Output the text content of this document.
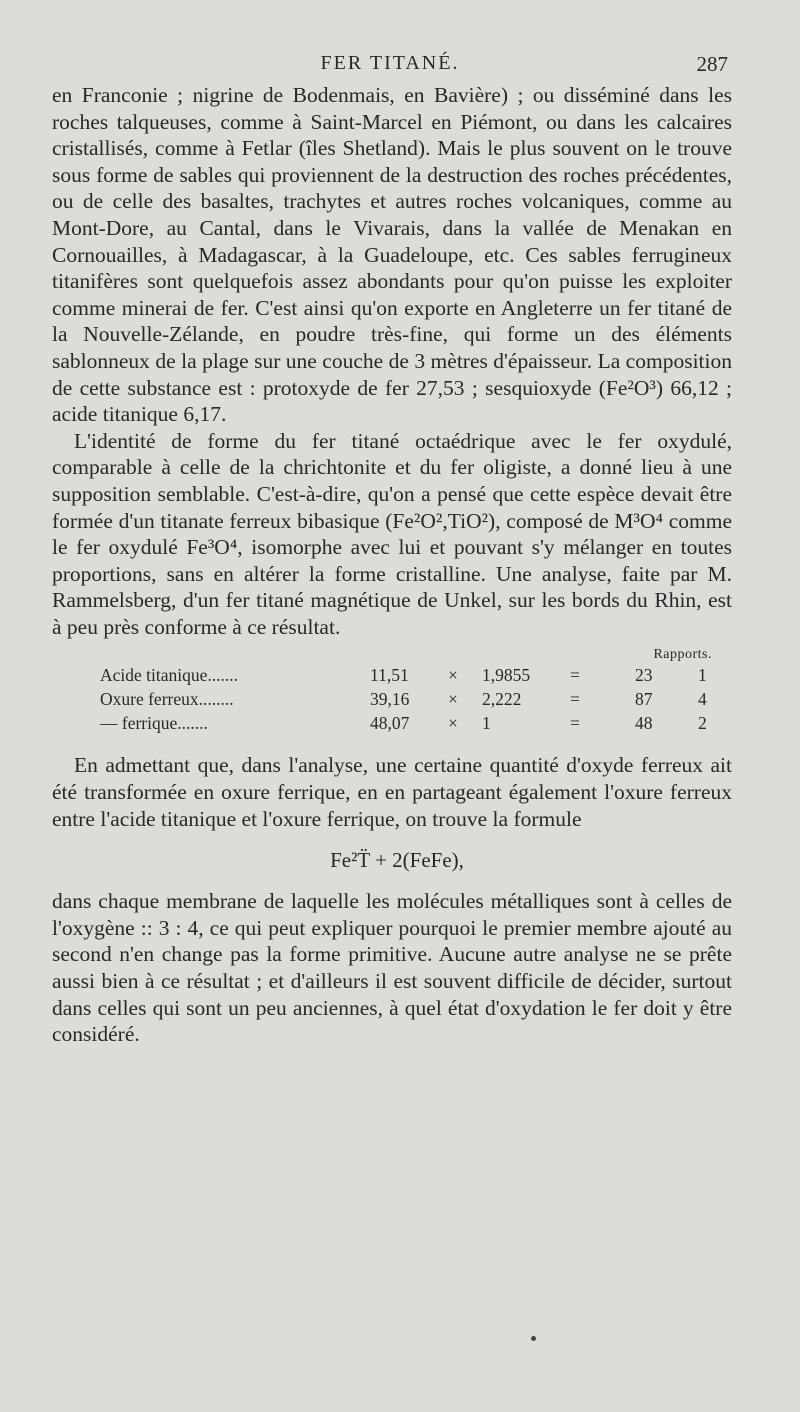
FER TITANÉ.	287

en Franconie ; nigrine de Bodenmais, en Bavière) ; ou disséminé dans les roches talqueuses, comme à Saint-Marcel en Piémont, ou dans les calcaires cristallisés, comme à Fetlar (îles Shetland). Mais le plus souvent on le trouve sous forme de sables qui proviennent de la destruction des roches précédentes, ou de celle des basaltes, trachytes et autres roches volcaniques, comme au Mont-Dore, au Cantal, dans le Vivarais, dans la vallée de Menakan en Cornouailles, à Madagascar, à la Guadeloupe, etc. Ces sables ferrugineux titanifères sont quelquefois assez abondants pour qu'on puisse les exploiter comme minerai de fer. C'est ainsi qu'on exporte en Angleterre un fer titané de la Nouvelle-Zélande, en poudre très-fine, qui forme un des éléments sablonneux de la plage sur une couche de 3 mètres d'épaisseur. La composition de cette substance est : protoxyde de fer 27,53 ; sesquioxyde (Fe²O³) 66,12 ; acide titanique 6,17.

L'identité de forme du fer titané octaédrique avec le fer oxydulé, comparable à celle de la chrichtonite et du fer oligiste, a donné lieu à une supposition semblable. C'est-à-dire, qu'on a pensé que cette espèce devait être formée d'un titanate ferreux bibasique (Fe²O²,TiO²), composé de M³O⁴ comme le fer oxydulé Fe³O⁴, isomorphe avec lui et pouvant s'y mélanger en toutes proportions, sans en altérer la forme cristalline. Une analyse, faite par M. Rammelsberg, d'un fer titané magnétique de Unkel, sur les bords du Rhin, est à peu près conforme à ce résultat.

Rapports.
Acide titanique.......	11,51 × 1,9855 =	23	1
Oxure ferreux........	39,16 × 2,222	=	87	4
— ferrique.......	48,07 × 1	=	48	2

En admettant que, dans l'analyse, une certaine quantité d'oxyde ferreux ait été transformée en oxure ferrique, en en partageant également l'oxure ferreux entre l'acide titanique et l'oxure ferrique, on trouve la formule

Fe²T̈ + 2(FeFe),

dans chaque membrane de laquelle les molécules métalliques sont à celles de l'oxygène :: 3 : 4, ce qui peut expliquer pourquoi le premier membre ajouté au second n'en change pas la forme primitive. Aucune autre analyse ne se prête aussi bien à ce résultat ; et d'ailleurs il est souvent difficile de décider, surtout dans celles qui sont un peu anciennes, à quel état d'oxydation le fer doit y être considéré.
